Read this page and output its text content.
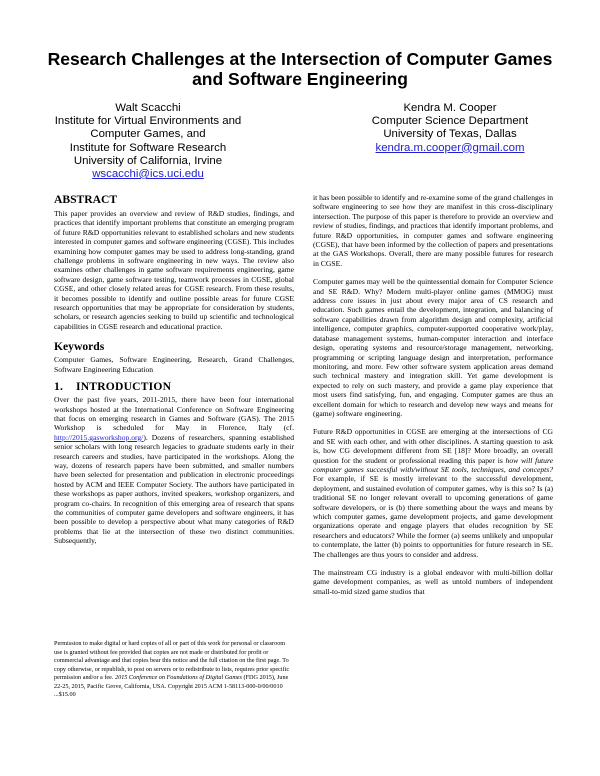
Research Challenges at the Intersection of Computer Games and Software Engineering
Walt Scacchi
Institute for Virtual Environments and
Computer Games, and
Institute for Software Research
University of California, Irvine
wscacchi@ics.uci.edu
Kendra M. Cooper
Computer Science Department
University of Texas, Dallas
kendra.m.cooper@gmail.com
ABSTRACT

This paper provides an overview and review of R&D studies, findings, and practices that identify important problems that constitute an emerging program of future R&D opportunities relevant to established scholars and new students interested in computer games and software engineering (CGSE). This includes examining how computer games may be used to address long-standing, grand challenge problems in software engineering in new ways. The review also examines other challenges in game software requirements engineering, game software design, game software testing, teamwork processes in CGSE, global CGSE, and other closely related areas for CGSE research. From these results, it becomes possible to identify and outline possible areas for future CGSE research opportunities that may be appropriate for consideration by students, scholars, or research agencies seeking to build up scientific and technological capabilities in CGSE research and educational practice.

Keywords

Computer Games, Software Engineering, Research, Grand Challenges, Software Engineering Education

1. INTRODUCTION

Over the past five years, 2011-2015, there have been four international workshops hosted at the International Conference on Software Engineering that focus on emerging research in Games and Software (GAS). The 2015 Workshop is scheduled for May in Florence, Italy (cf. http://2015.gasworkshop.org/). Dozens of researchers, spanning established senior scholars with long research legacies to graduate students early in their research careers and studies, have participated in the workshops. Along the way, dozens of research papers have been submitted, and smaller numbers have been selected for presentation and publication in electronic proceedings hosted by ACM and IEEE Computer Society. The authors have participated in these workshops as paper authors, invited speakers, workshop organizers, and program co-chairs. In recognition of this emerging area of research that spans the communities of computer game developers and software engineers, it has been possible to develop a perspective about what many categories of R&D problems that lie at the intersection of these two distinct communities. Subsequently,

Permission to make digital or hard copies of all or part of this work for personal or classroom use is granted without fee provided that copies are not made or distributed for profit or commercial advantage and that copies bear this notice and the full citation on the first page. To copy otherwise, or republish, to post on servers or to redistribute to lists, requires prior specific permission and/or a fee. 2015 Conference on Foundations of Digital Games (FDG 2015), June 22-25, 2015, Pacific Grove, California, USA. Copyright 2015 ACM 1-58113-000-0/00/0010 ...$15.00

it has been possible to identify and re-examine some of the grand challenges in software engineering to see how they are manifest in this cross-disciplinary intersection. The purpose of this paper is therefore to provide an overview and review of studies, findings, and practices that identify important problems, and future R&D opportunities, in computer games and software engineering (CGSE), that have been informed by the collection of papers and presentations at the GAS Workshops. Overall, there are many possible futures for research in CGSE.

Computer games may well be the quintessential domain for Computer Science and SE R&D. Why? Modern multi-player online games (MMOG) must address core issues in just about every major area of CS research and education. Such games entail the development, integration, and balancing of software capabilities drawn from algorithm design and complexity, artificial intelligence, computer graphics, computer-supported cooperative work/play, database management systems, human-computer interaction and interface design, operating systems and resource/storage management, networking, programming or scripting language design and interpretation, performance monitoring, and more. Few other software system application areas demand such technical mastery and integration skill. Yet game development is expected to rely on such mastery, and provide a game play experience that most users find satisfying, fun, and engaging. Computer games are thus an excellent domain for which to research and develop new ways and means for (game) software engineering.

Future R&D opportunities in CGSE are emerging at the intersections of CG and SE with each other, and with other disciplines. A starting question to ask is, how CG development different from SE [18]? More broadly, an overall question for the student or professional reading this paper is how will future computer games successful with/without SE tools, techniques, and concepts? For example, if SE is mostly irrelevant to the successful development, deployment, and sustained evolution of computer games, why is this so? Is (a) traditional SE no longer relevant overall to upcoming generations of game software developers, or is (b) there something about the ways and means by which computer games, game development projects, and game development organizations operate and engage players that eludes recognition by SE researchers and educators? While the former (a) seems unlikely and unpopular to contemplate, the latter (b) points to opportunities for future research in SE. The challenges are thus yours to consider and address.

The mainstream CG industry is a global endeavor with multi-billion dollar game development companies, as well as untold numbers of independent small-to-mid sized game studios that
